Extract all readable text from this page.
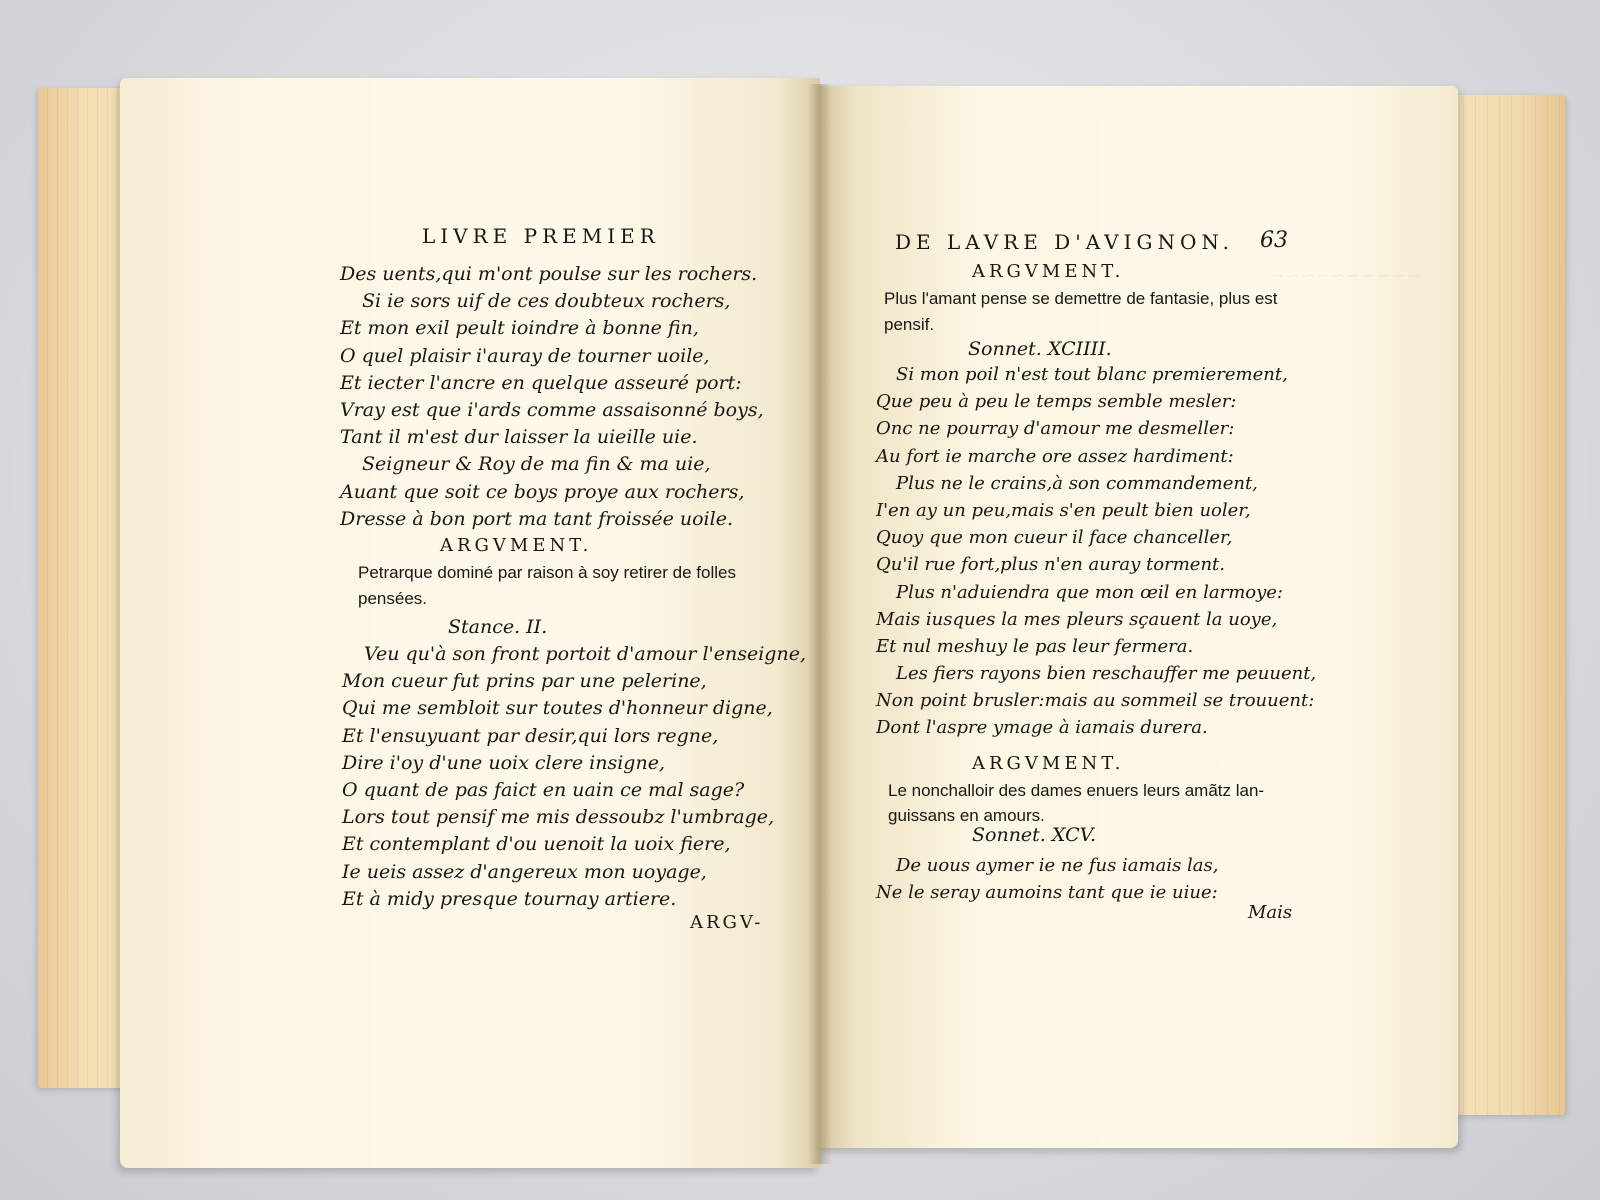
~~~~~~~~~~
LIVRE PREMIER
Des uents,qui m'ont poulse sur les rochers.
Si ie sors uif de ces doubteux rochers,
Et mon exil peult ioindre à bonne fin,
O quel plaisir i'auray de tourner uoile,
Et iecter l'ancre en quelque asseuré port:
Vray est que i'ards comme assaisonné boys,
Tant il m'est dur laisser la uieille uie.
Seigneur & Roy de ma fin & ma uie,
Auant que soit ce boys proye aux rochers,
Dresse à bon port ma tant froissée uoile.
ARGVMENT.
Petrarque dominé par raison à soy retirer de folles
pensées.
Stance. II.
Veu qu'à son front portoit d'amour l'enseigne,
Mon cueur fut prins par une pelerine,
Qui me sembloit sur toutes d'honneur digne,
Et l'ensuyuant par desir,qui lors regne,
Dire i'oy d'une uoix clere insigne,
O quant de pas faict en uain ce mal sage?
Lors tout pensif me mis dessoubz l'umbrage,
Et contemplant d'ou uenoit la uoix fiere,
Ie ueis assez d'angereux mon uoyage,
Et à midy presque tournay artiere.
ARGV-
DE LAVRE D'AVIGNON. 63
ARGVMENT.
Plus l'amant pense se demettre de fantasie, plus est
pensif.
Sonnet. XCIIII.
Si mon poil n'est tout blanc premierement,
Que peu à peu le temps semble mesler:
Onc ne pourray d'amour me desmeller:
Au fort ie marche ore assez hardiment:
Plus ne le crains,à son commandement,
I'en ay un peu,mais s'en peult bien uoler,
Quoy que mon cueur il face chanceller,
Qu'il rue fort,plus n'en auray torment.
Plus n'aduiendra que mon œil en larmoye:
Mais iusques la mes pleurs sçauent la uoye,
Et nul meshuy le pas leur fermera.
Les fiers rayons bien reschauffer me peuuent,
Non point brusler:mais au sommeil se trouuent:
Dont l'aspre ymage à iamais durera.
ARGVMENT.
Le nonchalloir des dames enuers leurs amãtz lan-
guissans en amours.
Sonnet. XCV.
De uous aymer ie ne fus iamais las,
Ne le seray aumoins tant que ie uiue:
Mais
